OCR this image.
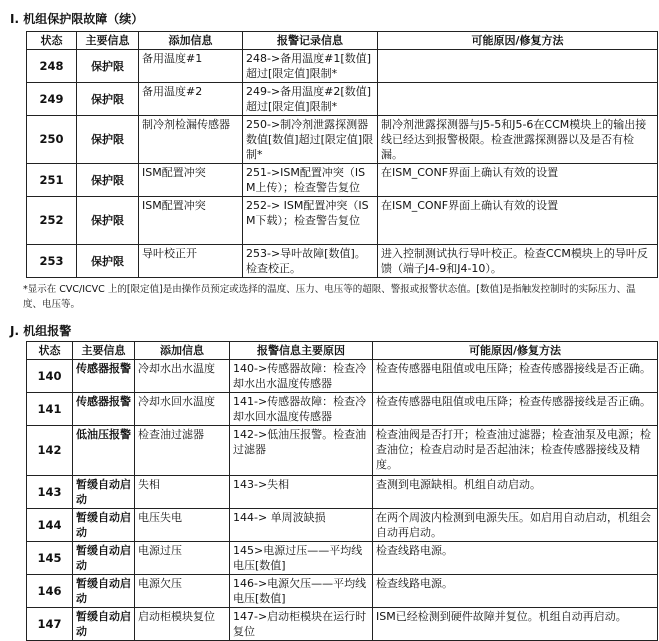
I. 机组保护限故障（续）
状态	主要信息	添加信息	报警记录信息	可能原因/修复方法
248	保护限	备用温度#1	248->备用温度#1[数值]超过[限定值]限制*	
249	保护限	备用温度#2	249->备用温度#2[数值]超过[限定值]限制*	
250	保护限	制冷剂检漏传感器	250->制冷剂泄露探测器数值[数值]超过[限定值]限制*	制冷剂泄露探测器与J5-5和J5-6在CCM模块上的输出接线已经达到报警极限。检查泄露探测器以及是否有检漏。
251	保护限	ISM配置冲突	251->ISM配置冲突（ISM上传）；检查警告复位	在ISM_CONF界面上确认有效的设置
252	保护限	ISM配置冲突	252-> ISM配置冲突（ISM下载）；检查警告复位	在ISM_CONF界面上确认有效的设置
253	保护限	导叶校正开	253->导叶故障[数值]。检查校正。	进入控制测试执行导叶校正。检查CCM模块上的导叶反馈（端子J4-9和J4-10）。
*显示在 CVC/ICVC 上的[限定值]是由操作员预定或选择的温度、压力、电压等的超限、警报或报警状态值。[数值]是指触发控制时的实际压力、温度、电压等。
J. 机组报警
状态	主要信息	添加信息	报警信息主要原因	可能原因/修复方法
140	传感器报警	冷却水出水温度	140->传感器故障：检查冷却水出水温度传感器	检查传感器电阻值或电压降；检查传感器接线是否正确。
141	传感器报警	冷却水回水温度	141->传感器故障：检查冷却水回水温度传感器	检查传感器电阻值或电压降；检查传感器接线是否正确。
142	低油压报警	检查油过滤器	142->低油压报警。检查油过滤器	检查油阀是否打开；检查油过滤器；检查油泵及电源；检查油位；检查启动时是否起油沫；检查传感器接线及精度。
143	暂缓自动启动	失相	143->失相	查测到电源缺相。机组自动启动。
144	暂缓自动启动	电压失电	144-> 单周波缺损	在两个周波内检测到电源失压。如启用自动启动，机组会自动再启动。
145	暂缓自动启动	电源过压	145>电源过压——平均线电压[数值]	检查线路电源。
146	暂缓自动启动	电源欠压	146->电源欠压——平均线电压[数值]	检查线路电源。
147	暂缓自动启动	启动柜模块复位	147->启动柜模块在运行时复位	ISM已经检测到硬件故障并复位。机组自动再启动。
